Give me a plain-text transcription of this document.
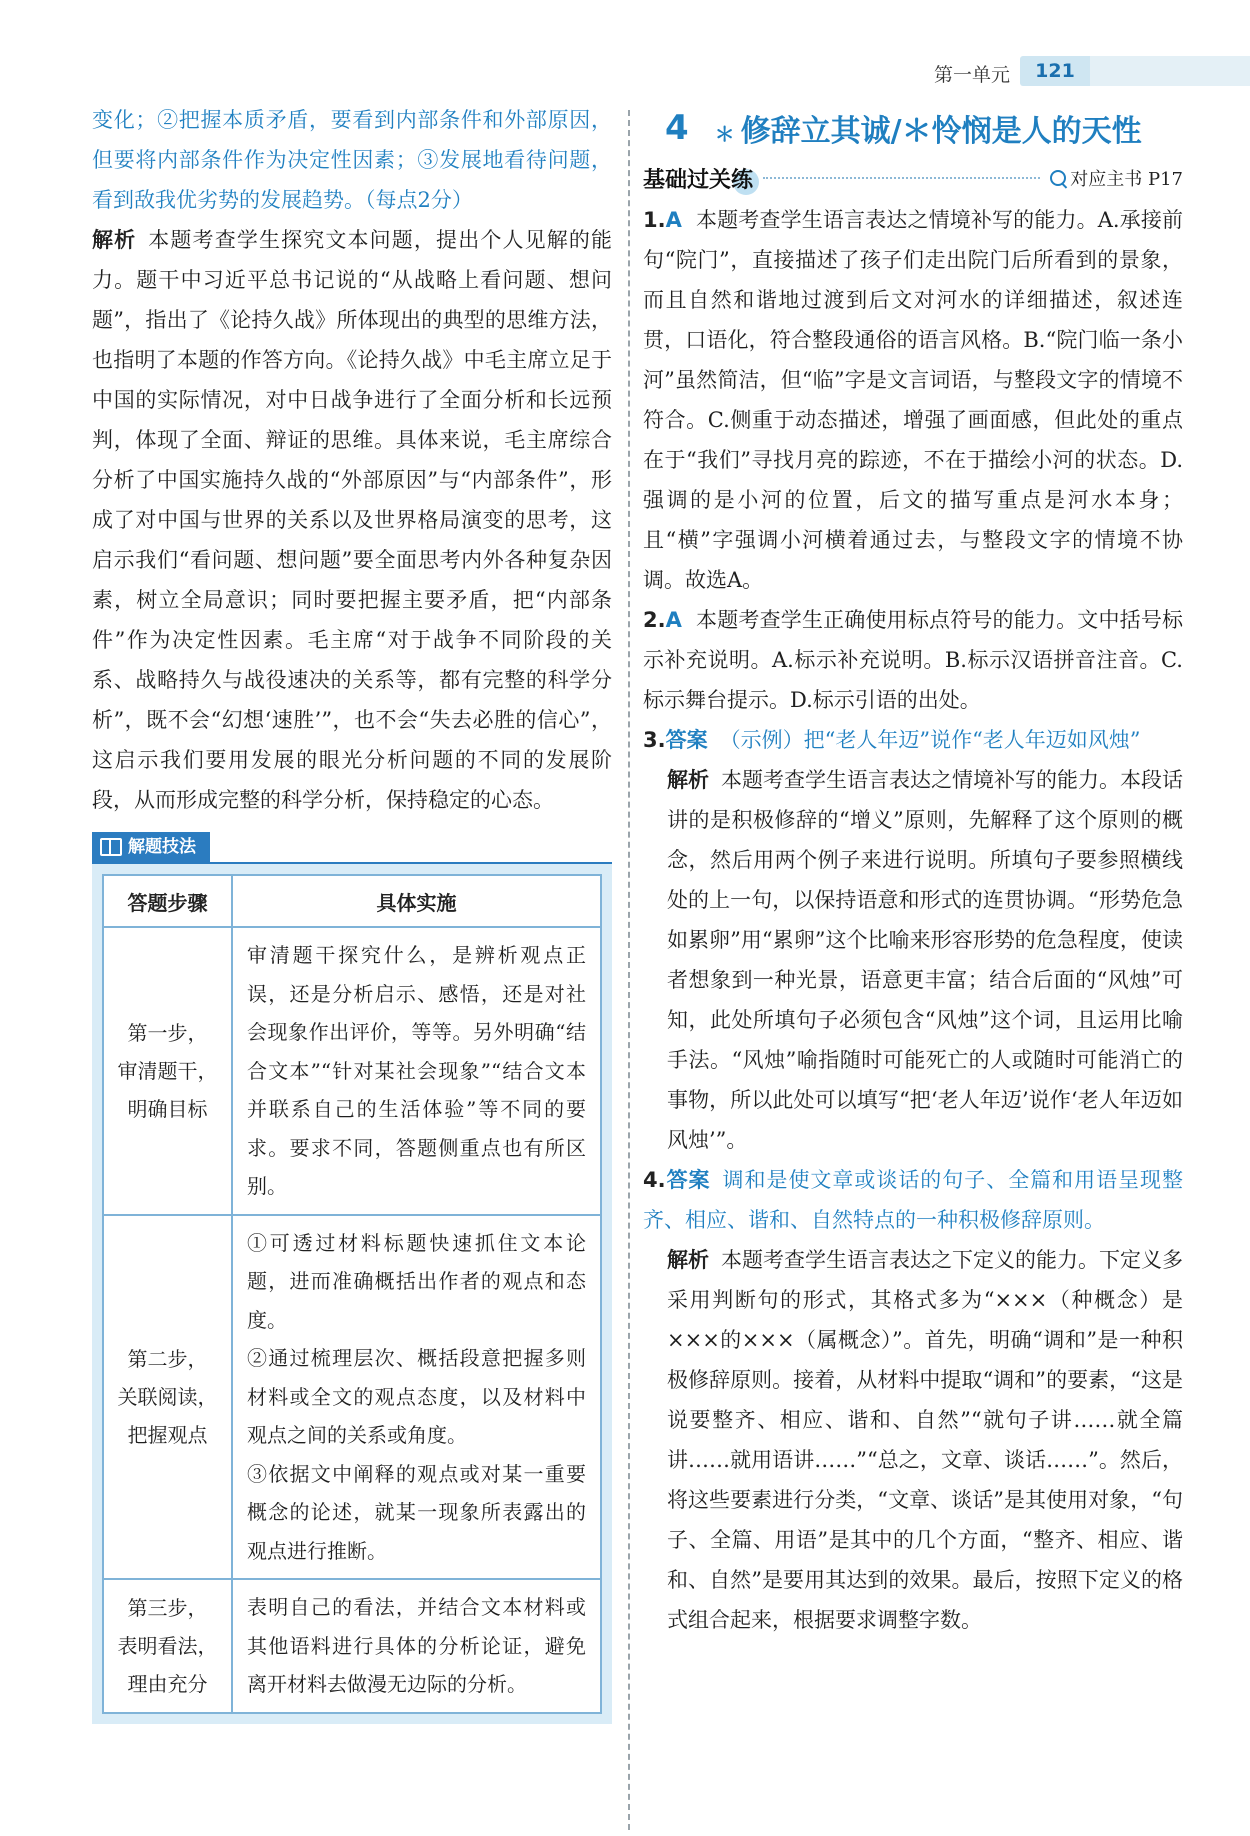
第一单元	121

变化；②把握本质矛盾，要看到内部条件和外部原因，但要将内部条件作为决定性因素；③发展地看待问题，看到敌我优劣势的发展趋势。（每点2分）

解析 本题考查学生探究文本问题，提出个人见解的能力。题干中习近平总书记说的“从战略上看问题、想问题”，指出了《论持久战》所体现出的典型的思维方法，也指明了本题的作答方向。《论持久战》中毛主席立足于中国的实际情况，对中日战争进行了全面分析和长远预判，体现了全面、辩证的思维。具体来说，毛主席综合分析了中国实施持久战的“外部原因”与“内部条件”，形成了对中国与世界的关系以及世界格局演变的思考，这启示我们“看问题、想问题”要全面思考内外各种复杂因素，树立全局意识；同时要把握主要矛盾，把“内部条件”作为决定性因素。毛主席“对于战争不同阶段的关系、战略持久与战役速决的关系等，都有完整的科学分析”，既不会“幻想‘速胜’”，也不会“失去必胜的信心”，这启示我们要用发展的眼光分析问题的不同的发展阶段，从而形成完整的科学分析，保持稳定的心态。

解题技法
答题步骤	具体实施

第一步，
审清题干，
明确目标	审清题干探究什么，是辨析观点正误，还是分析启示、感悟，还是对社会现象作出评价，等等。另外明确“结合文本”“针对某社会现象”“结合文本并联系自己的生活体验”等不同的要求。要求不同，答题侧重点也有所区别。

第二步，
关联阅读，
把握观点	①可透过材料标题快速抓住文本论题，进而准确概括出作者的观点和态度。
②通过梳理层次、概括段意把握多则材料或全文的观点态度，以及材料中观点之间的关系或角度。
③依据文中阐释的观点或对某一重要概念的论述，就某一现象所表露出的观点进行推断。

第三步，
表明看法，
理由充分	表明自己的看法，并结合文本材料或其他语料进行具体的分析论证，避免离开材料去做漫无边际的分析。
4 ＊ 修辞立其诚/＊怜悯是人的天性
基础过关练	对应主书 P17

1.A 本题考查学生语言表达之情境补写的能力。A.承接前句“院门”，直接描述了孩子们走出院门后所看到的景象，而且自然和谐地过渡到后文对河水的详细描述，叙述连贯，口语化，符合整段通俗的语言风格。B.“院门临一条小河”虽然简洁，但“临”字是文言词语，与整段文字的情境不符合。C.侧重于动态描述，增强了画面感，但此处的重点在于“我们”寻找月亮的踪迹，不在于描绘小河的状态。D.强调的是小河的位置，后文的描写重点是河水本身；且“横”字强调小河横着通过去，与整段文字的情境不协调。故选A。

2.A 本题考查学生正确使用标点符号的能力。文中括号标示补充说明。A.标示补充说明。B.标示汉语拼音注音。C.标示舞台提示。D.标示引语的出处。

3.答案 （示例）把“老人年迈”说作“老人年迈如风烛”

解析 本题考查学生语言表达之情境补写的能力。本段话讲的是积极修辞的“增义”原则，先解释了这个原则的概念，然后用两个例子来进行说明。所填句子要参照横线处的上一句，以保持语意和形式的连贯协调。“形势危急如累卵”用“累卵”这个比喻来形容形势的危急程度，使读者想象到一种光景，语意更丰富；结合后面的“风烛”可知，此处所填句子必须包含“风烛”这个词，且运用比喻手法。“风烛”喻指随时可能死亡的人或随时可能消亡的事物，所以此处可以填写“把‘老人年迈’说作‘老人年迈如风烛’”。

4.答案 调和是使文章或谈话的句子、全篇和用语呈现整齐、相应、谐和、自然特点的一种积极修辞原则。

解析 本题考查学生语言表达之下定义的能力。下定义多采用判断句的形式，其格式多为“×××（种概念）是×××的×××（属概念）”。首先，明确“调和”是一种积极修辞原则。接着，从材料中提取“调和”的要素，“这是说要整齐、相应、谐和、自然”“就句子讲……就全篇讲……就用语讲……”“总之，文章、谈话……”。然后，将这些要素进行分类，“文章、谈话”是其使用对象，“句子、全篇、用语”是其中的几个方面，“整齐、相应、谐和、自然”是要用其达到的效果。最后，按照下定义的格式组合起来，根据要求调整字数。
